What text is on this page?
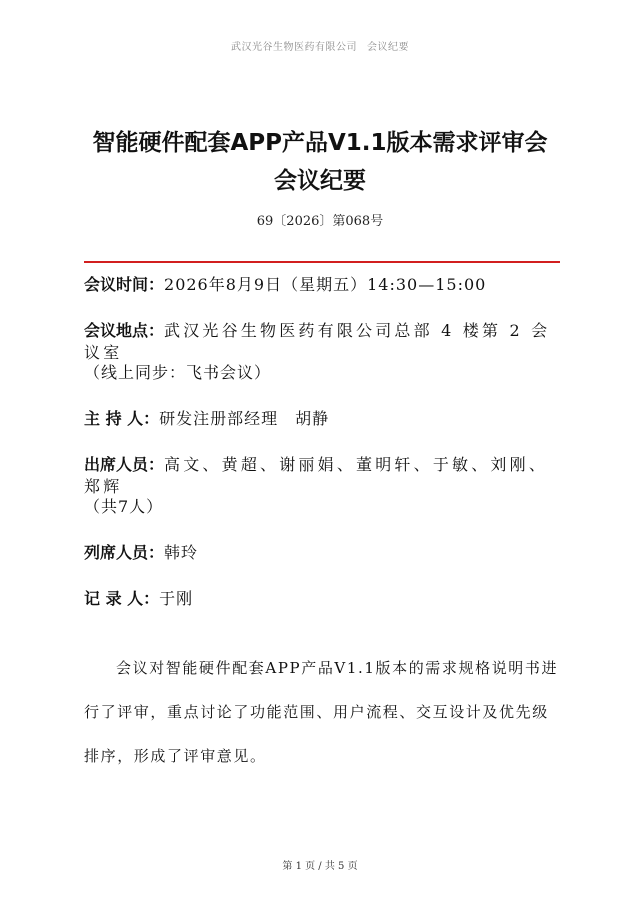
武汉光谷生物医药有限公司 会议纪要
智能硬件配套APP产品V1.1版本需求评审会
会议纪要
69〔2026〕第068号
会议时间：2026年8月9日（星期五）14:30—15:00
会议地点：武汉光谷生物医药有限公司总部 4 楼第 2 会议室
（线上同步：飞书会议）
主 持 人：研发注册部经理　胡静
出席人员：高文、黄超、谢丽娟、董明轩、于敏、刘刚、郑辉
（共7人）
列席人员：韩玲
记 录 人：于刚
会议对智能硬件配套APP产品V1.1版本的需求规格说明书进行了评审，重点讨论了功能范围、用户流程、交互设计及优先级排序，形成了评审意见。
第 1 页 / 共 5 页
